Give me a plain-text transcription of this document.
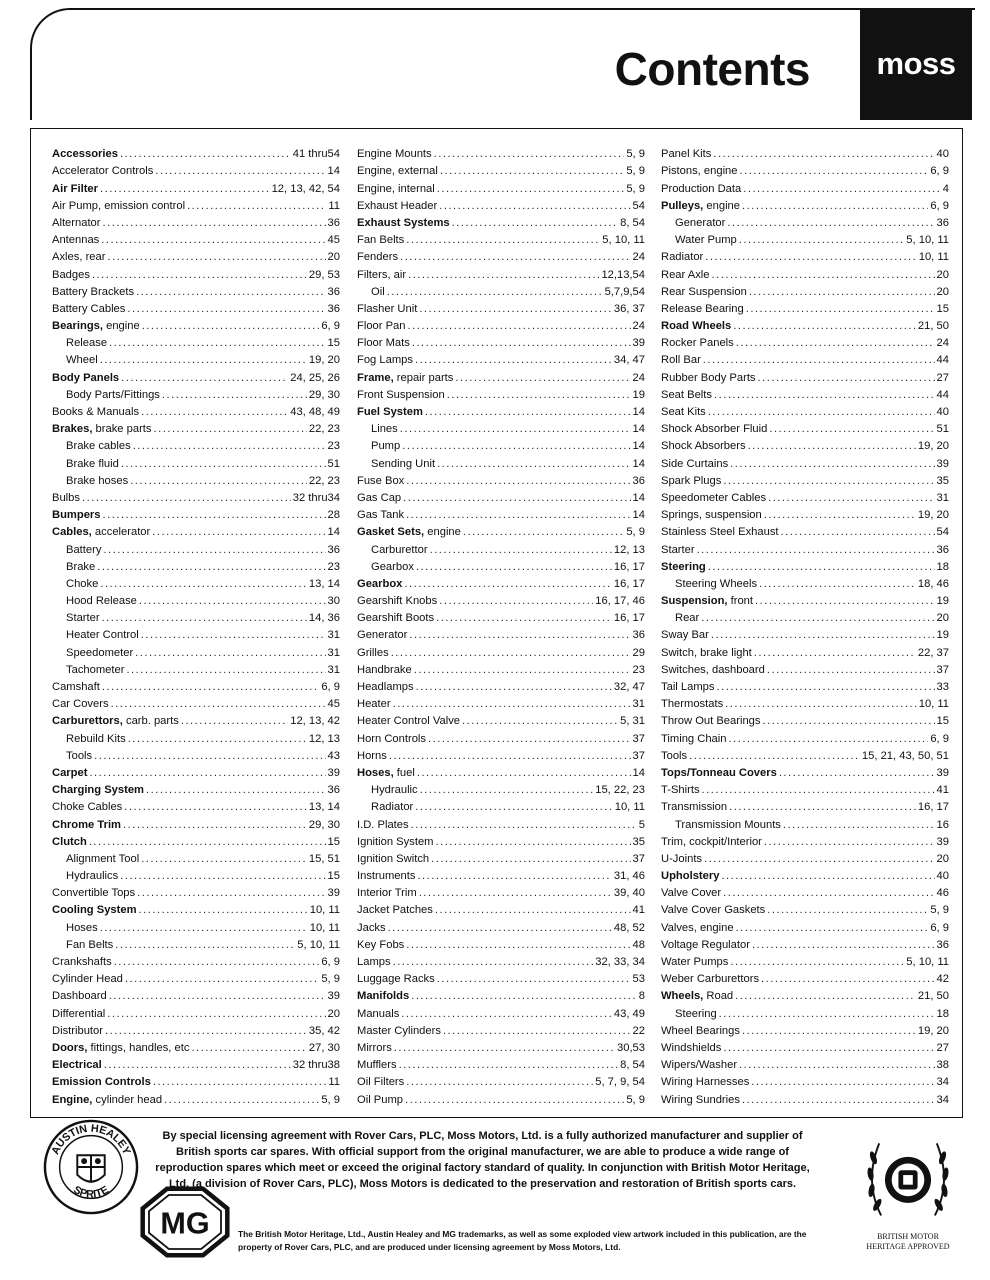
Contents moss
Accessories .....	41 thru54
Accelerator Controls .....	14
Air Filter .....	12, 13, 42, 54
Air Pump, emission control .....	11
Alternator .....	36
Antennas .....	45
Axles, rear .....	20
Badges .....	29, 53
Battery Brackets .....	36
Battery Cables .....	36
Bearings, engine .....	6, 9
Release .....	15
Wheel .....	19, 20
Body Panels .....	24, 25, 26
Body Parts/Fittings .....	29, 30
Books & Manuals .....	43, 48, 49
Brakes, brake parts .....	22, 23
Brake cables .....	23
Brake fluid .....	51
Brake hoses .....	22, 23
Bulbs .....	32 thru34
Bumpers .....	28
Cables, accelerator .....	14
Battery .....	36
Brake .....	23
Choke .....	13, 14
Hood Release .....	30
Starter .....	14, 36
Heater Control .....	31
Speedometer .....	31
Tachometer .....	31
Camshaft .....	6, 9
Car Covers .....	45
Carburettors, carb. parts .....	12, 13, 42
Rebuild Kits .....	12, 13
Tools .....	43
Carpet .....	39
Charging System .....	36
Choke Cables .....	13, 14
Chrome Trim .....	29, 30
Clutch .....	15
Alignment Tool .....	15, 51
Hydraulics .....	15
Convertible Tops .....	39
Cooling System .....	10, 11
Hoses .....	10, 11
Fan Belts .....	5, 10, 11
Crankshafts .....	6, 9
Cylinder Head .....	5, 9
Dashboard .....	39
Differential .....	20
Distributor .....	35, 42
Doors, fittings, handles, etc .....	27, 30
Electrical .....	32 thru38
Emission Controls .....	11
Engine, cylinder head .....	5, 9
Engine Mounts .....	5, 9
Engine, external .....	5, 9
Engine, internal .....	5, 9
Exhaust Header .....	54
Exhaust Systems .....	8, 54
Fan Belts .....	5, 10, 11
Fenders .....	24
Filters, air .....	12,13,54
Oil .....	5,7,9,54
Flasher Unit .....	36, 37
Floor Pan .....	24
Floor Mats .....	39
Fog Lamps .....	34, 47
Frame, repair parts .....	24
Front Suspension .....	19
Fuel System .....	14
Lines .....	14
Pump .....	14
Sending Unit .....	14
Fuse Box .....	36
Gas Cap .....	14
Gas Tank .....	14
Gasket Sets, engine .....	5, 9
Carburettor .....	12, 13
Gearbox .....	16, 17
Gearbox .....	16, 17
Gearshift Knobs .....	16, 17, 46
Gearshift Boots .....	16, 17
Generator .....	36
Grilles .....	29
Handbrake .....	23
Headlamps .....	32, 47
Heater .....	31
Heater Control Valve .....	5, 31
Horn Controls .....	37
Horns .....	37
Hoses, fuel .....	14
Hydraulic .....	15, 22, 23
Radiator .....	10, 11
I.D. Plates .....	5
Ignition System .....	35
Ignition Switch .....	37
Instruments .....	31, 46
Interior Trim .....	39, 40
Jacket Patches .....	41
Jacks .....	48, 52
Key Fobs .....	48
Lamps .....	32, 33, 34
Luggage Racks .....	53
Manifolds .....	8
Manuals .....	43, 49
Master Cylinders .....	22
Mirrors .....	30,53
Mufflers .....	8, 54
Oil Filters .....	5, 7, 9, 54
Oil Pump .....	5, 9
Panel Kits .....	40
Pistons, engine .....	6, 9
Production Data .....	4
Pulleys, engine .....	6, 9
Generator .....	36
Water Pump .....	5, 10, 11
Radiator .....	10, 11
Rear Axle .....	20
Rear Suspension .....	20
Release Bearing .....	15
Road Wheels .....	21, 50
Rocker Panels .....	24
Roll Bar .....	44
Rubber Body Parts .....	27
Seat Belts .....	44
Seat Kits .....	40
Shock Absorber Fluid .....	51
Shock Absorbers .....	19, 20
Side Curtains .....	39
Spark Plugs .....	35
Speedometer Cables .....	31
Springs, suspension .....	19, 20
Stainless Steel Exhaust .....	54
Starter .....	36
Steering .....	18
Steering Wheels .....	18, 46
Suspension, front .....	19
Rear .....	20
Sway Bar .....	19
Switch, brake light .....	22, 37
Switches, dashboard .....	37
Tail Lamps .....	33
Thermostats .....	10, 11
Throw Out Bearings .....	15
Timing Chain .....	6, 9
Tools .....	15, 21, 43, 50, 51
Tops/Tonneau Covers .....	39
T-Shirts .....	41
Transmission .....	16, 17
Transmission Mounts .....	16
Trim, cockpit/Interior .....	39
U-Joints .....	20
Upholstery .....	40
Valve Cover .....	46
Valve Cover Gaskets .....	5, 9
Valves, engine .....	6, 9
Voltage Regulator .....	36
Water Pumps .....	5, 10, 11
Weber Carburettors .....	42
Wheels, Road .....	21, 50
Steering .....	18
Wheel Bearings .....	19, 20
Windshields .....	27
Wipers/Washer .....	38
Wiring Harnesses .....	34
Wiring Sundries .....	34
AUSTIN HEALEY
SPRITE
MG
By special licensing agreement with Rover Cars, PLC, Moss Motors, Ltd. is a fully authorized manufacturer and supplier of British sports car spares. With official support from the original manufacturer, we are able to produce a wide range of reproduction spares which meet or exceed the original factory standard of quality. In conjunction with British Motor Heritage, Ltd. (a division of Rover Cars, PLC), Moss Motors is dedicated to the preservation and restoration of British sports cars.
The British Motor Heritage, Ltd., Austin Healey and MG trademarks, as well as some exploded view artwork included in this publication, are the property of Rover Cars, PLC, and are produced under licensing agreement by Moss Motors, Ltd.
BRITISH MOTOR
HERITAGE APPROVED
